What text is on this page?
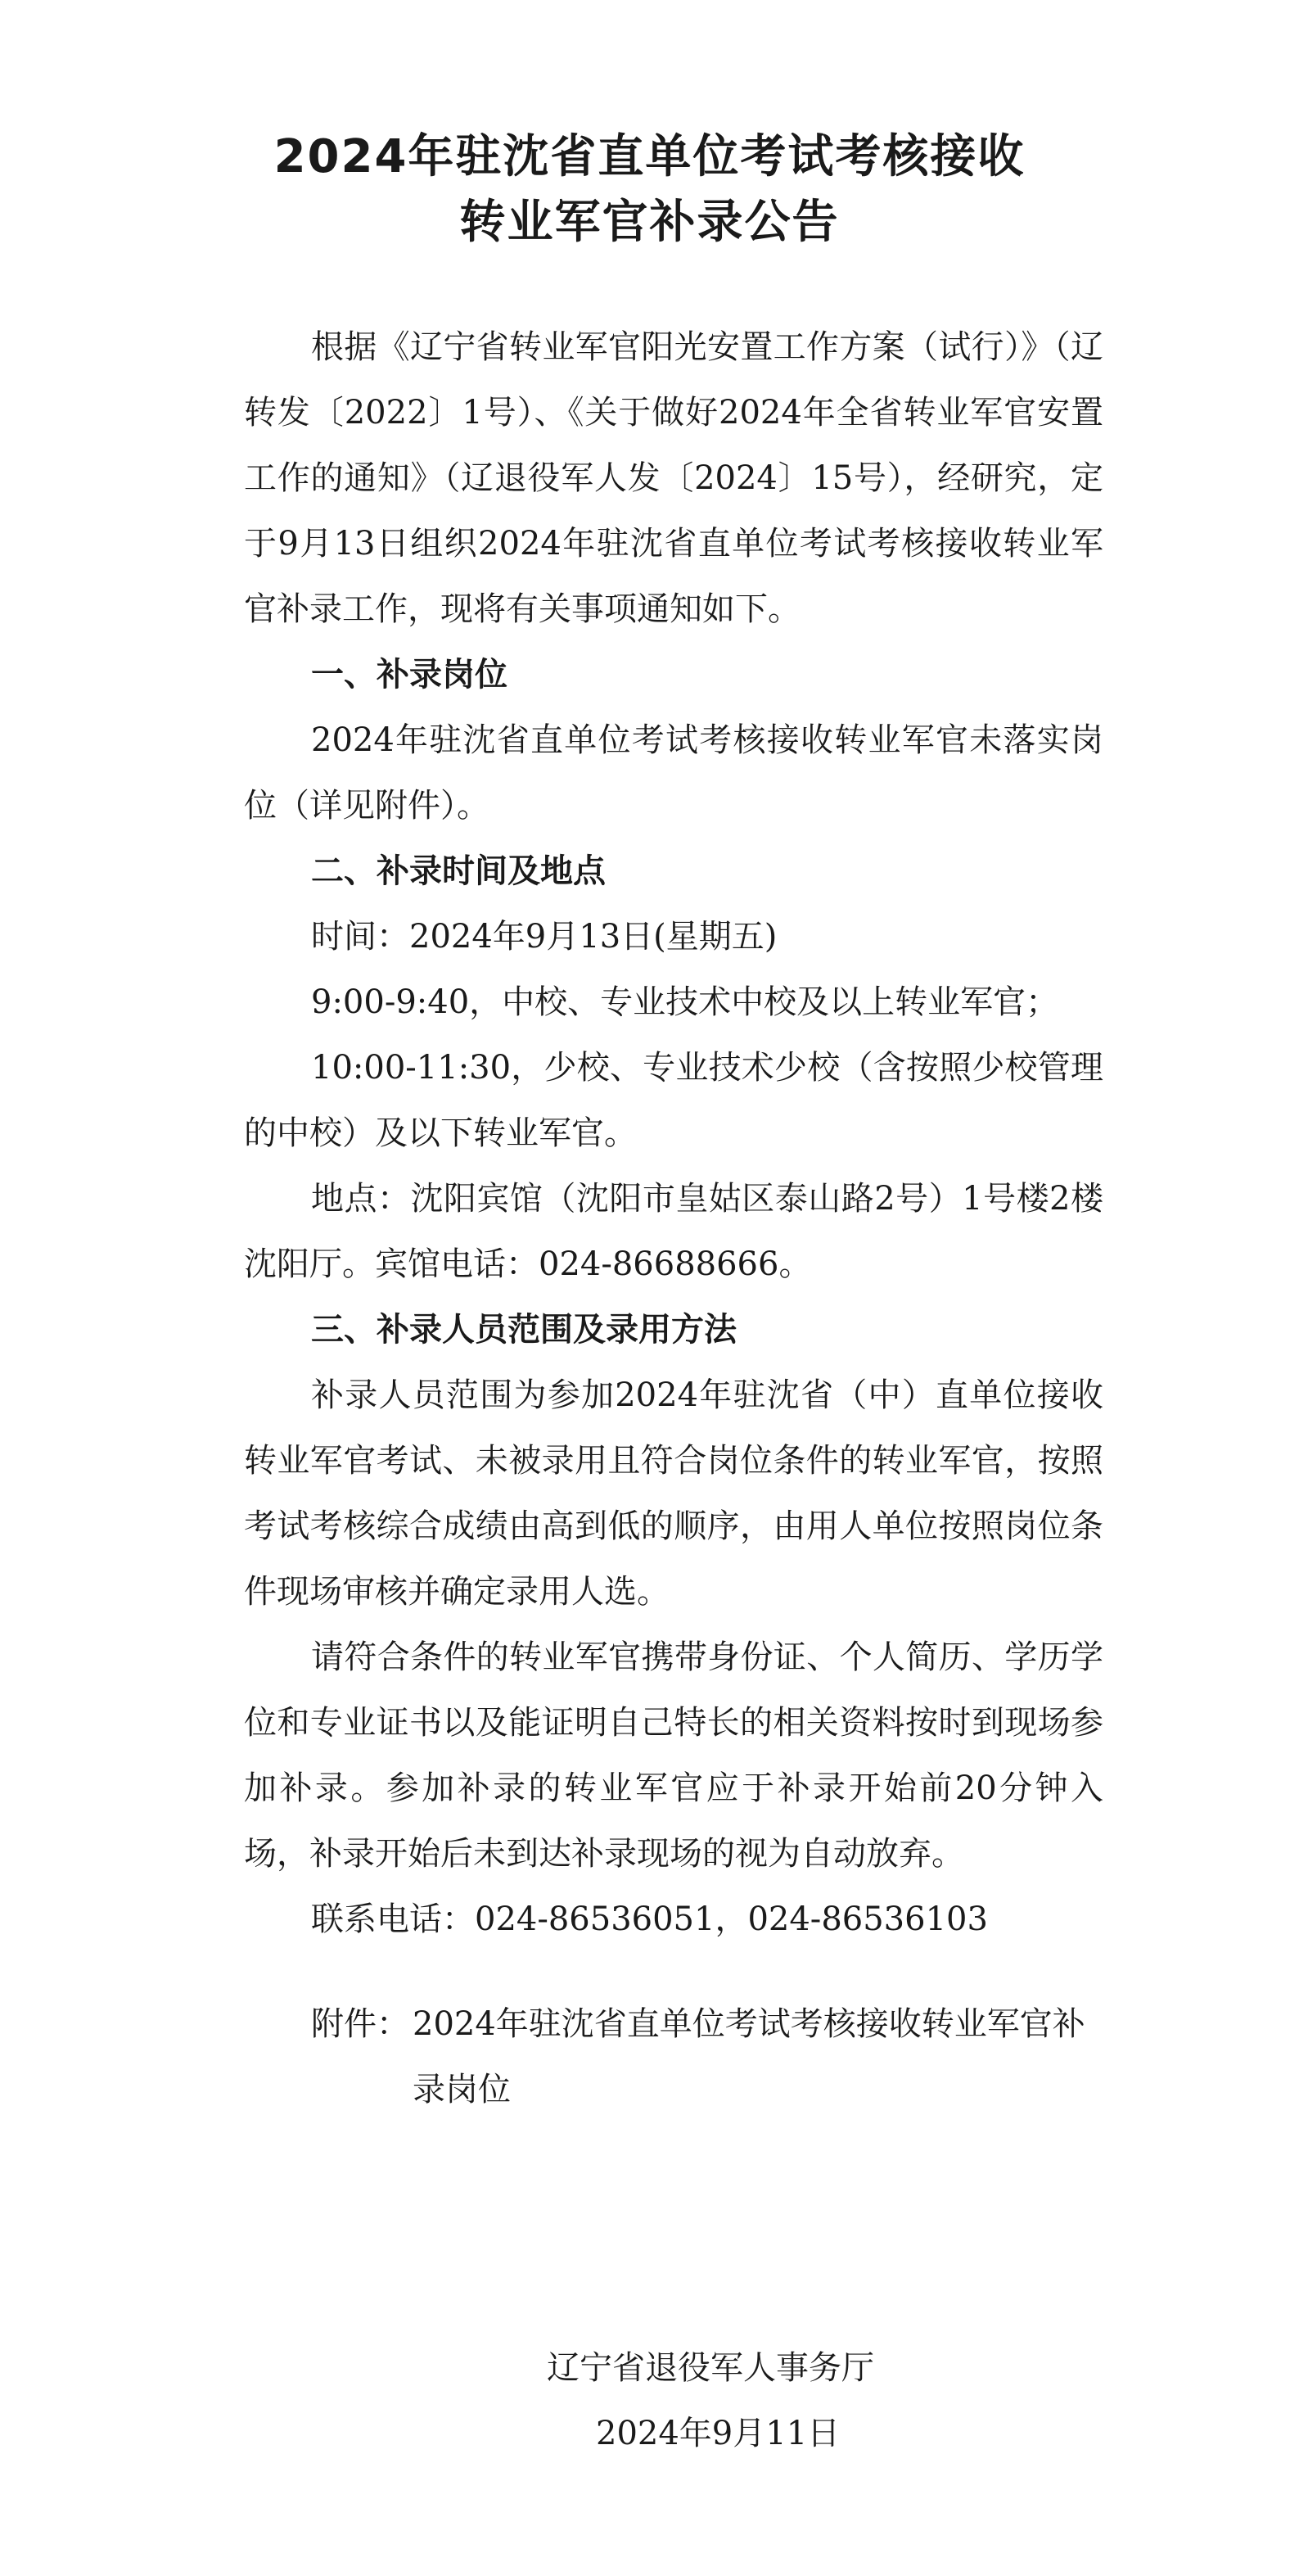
2024年驻沈省直单位考试考核接收
转业军官补录公告
根据《辽宁省转业军官阳光安置工作方案（试行）》（辽转发〔2022〕1号）、《关于做好2024年全省转业军官安置工作的通知》（辽退役军人发〔2024〕15号），经研究，定于9月13日组织2024年驻沈省直单位考试考核接收转业军官补录工作，现将有关事项通知如下。
一、补录岗位
2024年驻沈省直单位考试考核接收转业军官未落实岗位（详见附件）。
二、补录时间及地点
时间：2024年9月13日(星期五)
9:00-9:40，中校、专业技术中校及以上转业军官；
10:00-11:30，少校、专业技术少校（含按照少校管理的中校）及以下转业军官。
地点：沈阳宾馆（沈阳市皇姑区泰山路2号）1号楼2楼沈阳厅。宾馆电话：024-86688666。
三、补录人员范围及录用方法
补录人员范围为参加2024年驻沈省（中）直单位接收转业军官考试、未被录用且符合岗位条件的转业军官，按照考试考核综合成绩由高到低的顺序，由用人单位按照岗位条件现场审核并确定录用人选。
请符合条件的转业军官携带身份证、个人简历、学历学位和专业证书以及能证明自己特长的相关资料按时到现场参加补录。参加补录的转业军官应于补录开始前20分钟入场，补录开始后未到达补录现场的视为自动放弃。
联系电话：024-86536051，024-86536103
附件： 2024年驻沈省直单位考试考核接收转业军官补录岗位
辽宁省退役军人事务厅
2024年9月11日
